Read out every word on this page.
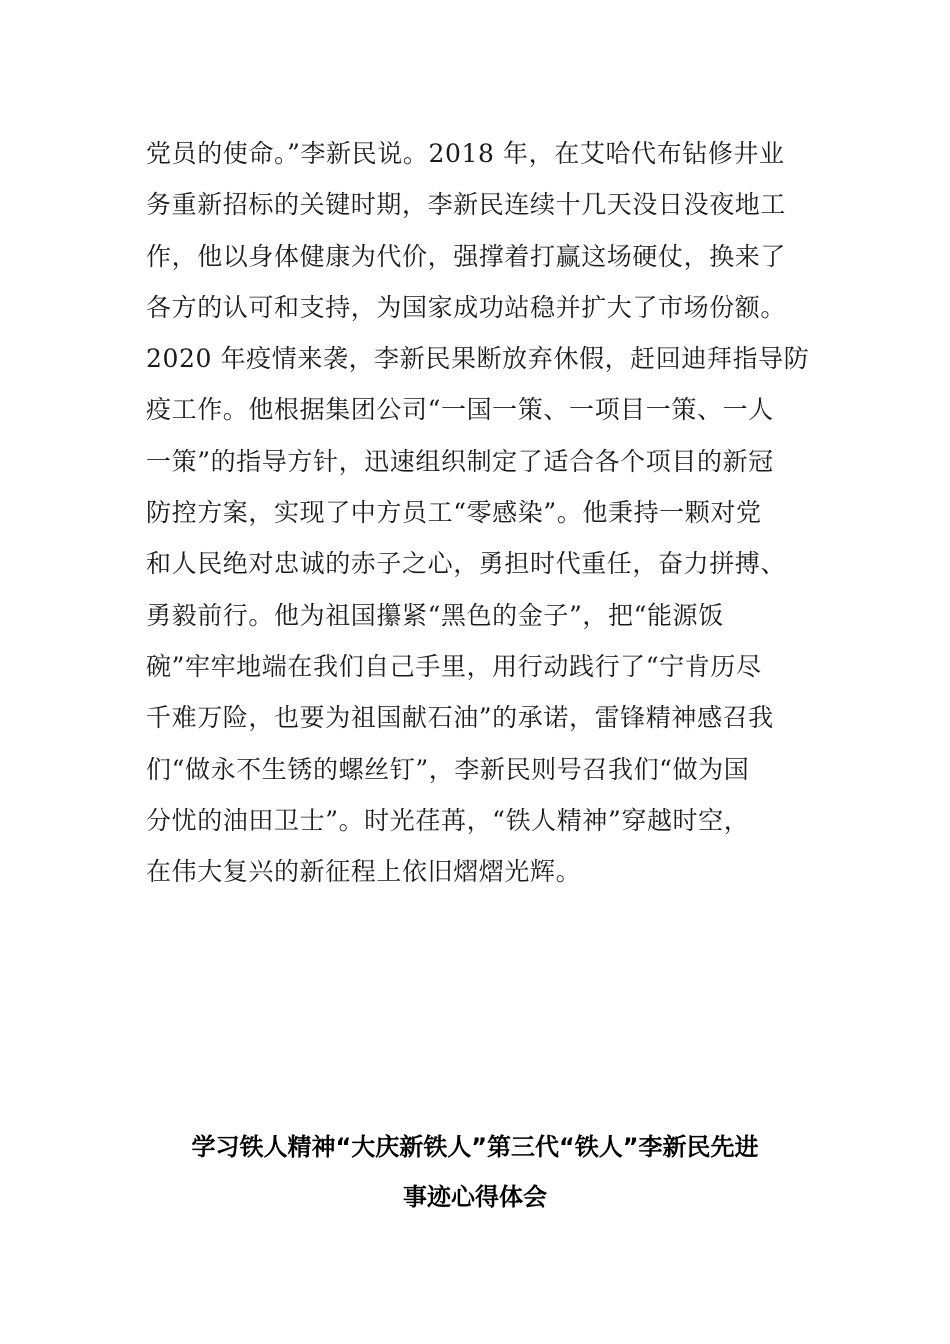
党员的使命。”李新民说。2018 年，在艾哈代布钻修井业
务重新招标的关键时期，李新民连续十几天没日没夜地工
作，他以身体健康为代价，强撑着打赢这场硬仗，换来了
各方的认可和支持，为国家成功站稳并扩大了市场份额。
2020 年疫情来袭，李新民果断放弃休假，赶回迪拜指导防
疫工作。他根据集团公司“一国一策、一项目一策、一人
一策”的指导方针，迅速组织制定了适合各个项目的新冠
防控方案，实现了中方员工“零感染”。他秉持一颗对党
和人民绝对忠诚的赤子之心，勇担时代重任，奋力拼搏、
勇毅前行。他为祖国攥紧“黑色的金子”，把“能源饭
碗”牢牢地端在我们自己手里，用行动践行了“宁肯历尽
千难万险，也要为祖国献石油”的承诺，雷锋精神感召我
们“做永不生锈的螺丝钉”，李新民则号召我们“做为国
分忧的油田卫士”。时光荏苒，“铁人精神”穿越时空，
在伟大复兴的新征程上依旧熠熠光辉。
学习铁人精神“大庆新铁人”第三代“铁人”李新民先进
事迹心得体会
